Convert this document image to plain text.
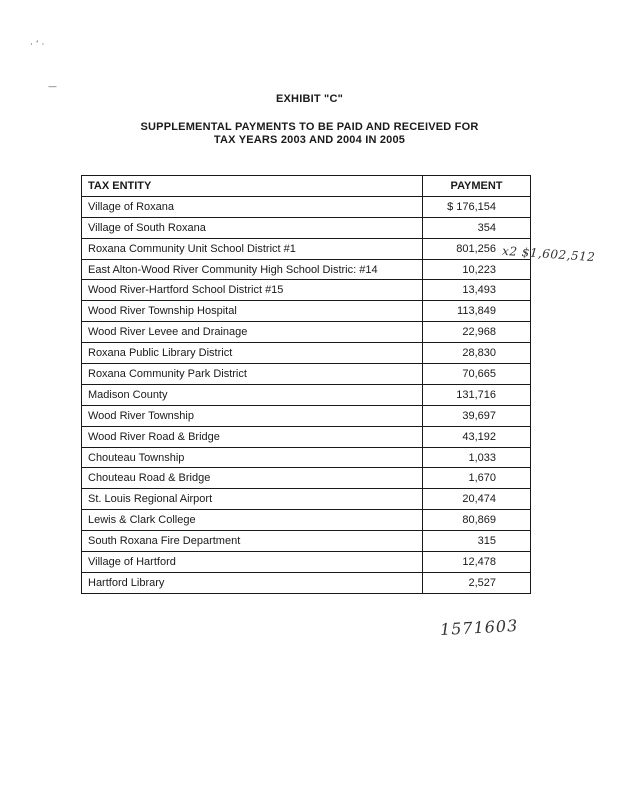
· ’ ·
—
EXHIBIT "C"
SUPPLEMENTAL PAYMENTS TO BE PAID AND RECEIVED FOR
TAX YEARS 2003 AND 2004 IN 2005
TAX ENTITY	PAYMENT
Village of Roxana	$ 176,154
Village of South Roxana	354
Roxana Community Unit School District #1	801,256
East Alton-Wood River Community High School Distric: #14	10,223
Wood River-Hartford School District #15	13,493
Wood River Township Hospital	113,849
Wood River Levee and Drainage	22,968
Roxana Public Library District	28,830
Roxana Community Park District	70,665
Madison County	131,716
Wood River Township	39,697
Wood River Road & Bridge	43,192
Chouteau Township	1,033
Chouteau Road & Bridge	1,670
St. Louis Regional Airport	20,474
Lewis & Clark College	80,869
South Roxana Fire Department	315
Village of Hartford	12,478
Hartford Library	2,527
x2 $1,602,512
1571603
